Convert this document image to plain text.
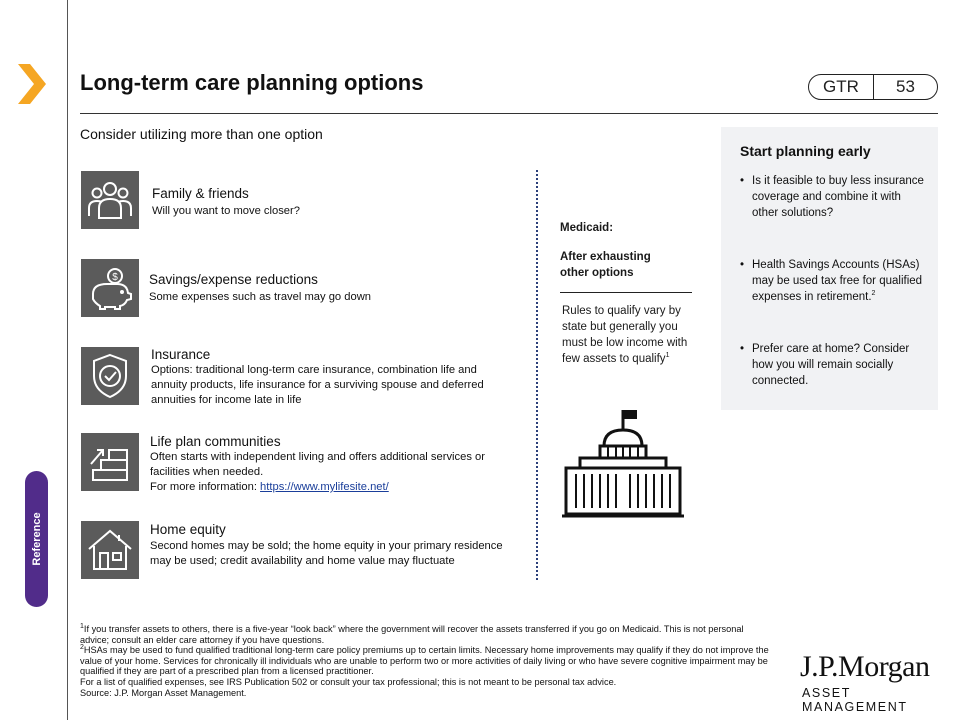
Long-term care planning options	GTR	53
Consider utilizing more than one option
Family & friends
Will you want to move closer?
$ Savings/expense reductions
Some expenses such as travel may go down
Insurance
Options: traditional long-term care insurance, combination life and annuity products, life insurance for a surviving spouse and deferred annuities for income late in life
Life plan communities
Often starts with independent living and offers additional services or facilities when needed.
For more information: https://www.mylifesite.net/
Home equity
Second homes may be sold; the home equity in your primary residence may be used; credit availability and home value may fluctuate
Medicaid:
After exhausting other options
Rules to qualify vary by state but generally you must be low income with few assets to qualify$^1$
Start planning early
• Is it feasible to buy less insurance coverage and combine it with other solutions?
• Health Savings Accounts (HSAs) may be used tax free for qualified expenses in retirement.$^2$
• Prefer care at home? Consider how you will remain socially connected.
Reference

$^1$If you transfer assets to others, there is a five-year “look back” where the government will recover the assets transferred if you go on Medicaid. This is not personal advice; consult an elder care attorney if you have questions.

$^2$HSAs may be used to fund qualified traditional long-term care policy premiums up to certain limits. Necessary home improvements may qualify if they do not improve the value of your home. Services for chronically ill individuals who are unable to perform two or more activities of daily living or who have severe cognitive impairment may be qualified if they are part of a prescribed plan from a licensed practitioner.

For a list of qualified expenses, see IRS Publication 502 or consult your tax professional; this is not meant to be personal tax advice.

Source: J.P. Morgan Asset Management.

J.P.Morgan
ASSET MANAGEMENT
